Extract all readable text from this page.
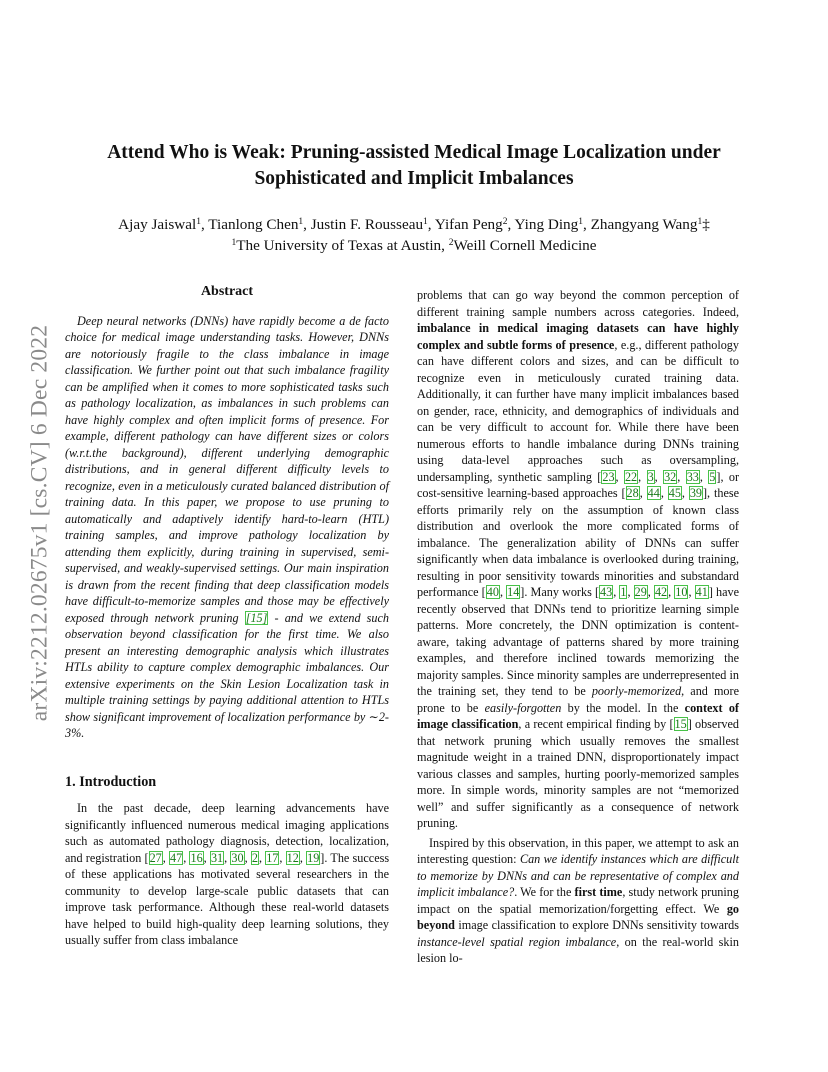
arXiv:2212.02675v1 [cs.CV] 6 Dec 2022
Attend Who is Weak: Pruning-assisted Medical Image Localization under
Sophisticated and Implicit Imbalances
Ajay Jaiswal$^1$, Tianlong Chen$^1$, Justin F. Rousseau$^1$, Yifan Peng$^2$, Ying Ding$^1$, Zhangyang Wang$^1$‡
$^1$The University of Texas at Austin, $^2$Weill Cornell Medicine
Abstract

Deep neural networks (DNNs) have rapidly become a de facto choice for medical image understanding tasks. However, DNNs are notoriously fragile to the class imbalance in image classification. We further point out that such imbalance fragility can be amplified when it comes to more sophisticated tasks such as pathology localization, as imbalances in such problems can have highly complex and often implicit forms of presence. For example, different pathology can have different sizes or colors (w.r.t.the background), different underlying demographic distributions, and in general different difficulty levels to recognize, even in a meticulously curated balanced distribution of training data. In this paper, we propose to use pruning to automatically and adaptively identify hard-to-learn (HTL) training samples, and improve pathology localization by attending them explicitly, during training in supervised, semi-supervised, and weakly-supervised settings. Our main inspiration is drawn from the recent finding that deep classification models have difficult-to-memorize samples and those may be effectively exposed through network pruning [15] - and we extend such observation beyond classification for the first time. We also present an interesting demographic analysis which illustrates HTLs ability to capture complex demographic imbalances. Our extensive experiments on the Skin Lesion Localization task in multiple training settings by paying additional attention to HTLs show significant improvement of localization performance by ∼2-3%.

1. Introduction

In the past decade, deep learning advancements have significantly influenced numerous medical imaging applications such as automated pathology diagnosis, detection, localization, and registration [27, 47, 16, 31, 30, 2, 17, 12, 19]. The success of these applications has motivated several researchers in the community to develop large-scale public datasets that can improve task performance. Although these real-world datasets have helped to build high-quality deep learning solutions, they usually suffer from class imbalance

problems that can go way beyond the common perception of different training sample numbers across categories. Indeed, imbalance in medical imaging datasets can have highly complex and subtle forms of presence, e.g., different pathology can have different colors and sizes, and can be difficult to recognize even in meticulously curated training data. Additionally, it can further have many implicit imbalances based on gender, race, ethnicity, and demographics of individuals and can be very difficult to account for. While there have been numerous efforts to handle imbalance during DNNs training using data-level approaches such as oversampling, undersampling, synthetic sampling [23, 22, 3, 32, 33, 5], or cost-sensitive learning-based approaches [28, 44, 45, 39], these efforts primarily rely on the assumption of known class distribution and overlook the more complicated forms of imbalance. The generalization ability of DNNs can suffer significantly when data imbalance is overlooked during training, resulting in poor sensitivity towards minorities and substandard performance [40, 14]. Many works [43, 1, 29, 42, 10, 41] have recently observed that DNNs tend to prioritize learning simple patterns. More concretely, the DNN optimization is content-aware, taking advantage of patterns shared by more training examples, and therefore inclined towards memorizing the majority samples. Since minority samples are underrepresented in the training set, they tend to be poorly-memorized, and more prone to be easily-forgotten by the model. In the context of image classification, a recent empirical finding by [15] observed that network pruning which usually removes the smallest magnitude weight in a trained DNN, disproportionately impact various classes and samples, hurting poorly-memorized samples more. In simple words, minority samples are not “memorized well” and suffer significantly as a consequence of network pruning.

Inspired by this observation, in this paper, we attempt to ask an interesting question: Can we identify instances which are difficult to memorize by DNNs and can be representative of complex and implicit imbalance?. We for the first time, study network pruning impact on the spatial memorization/forgetting effect. We go beyond image classification to explore DNNs sensitivity towards instance-level spatial region imbalance, on the real-world skin lesion lo-
